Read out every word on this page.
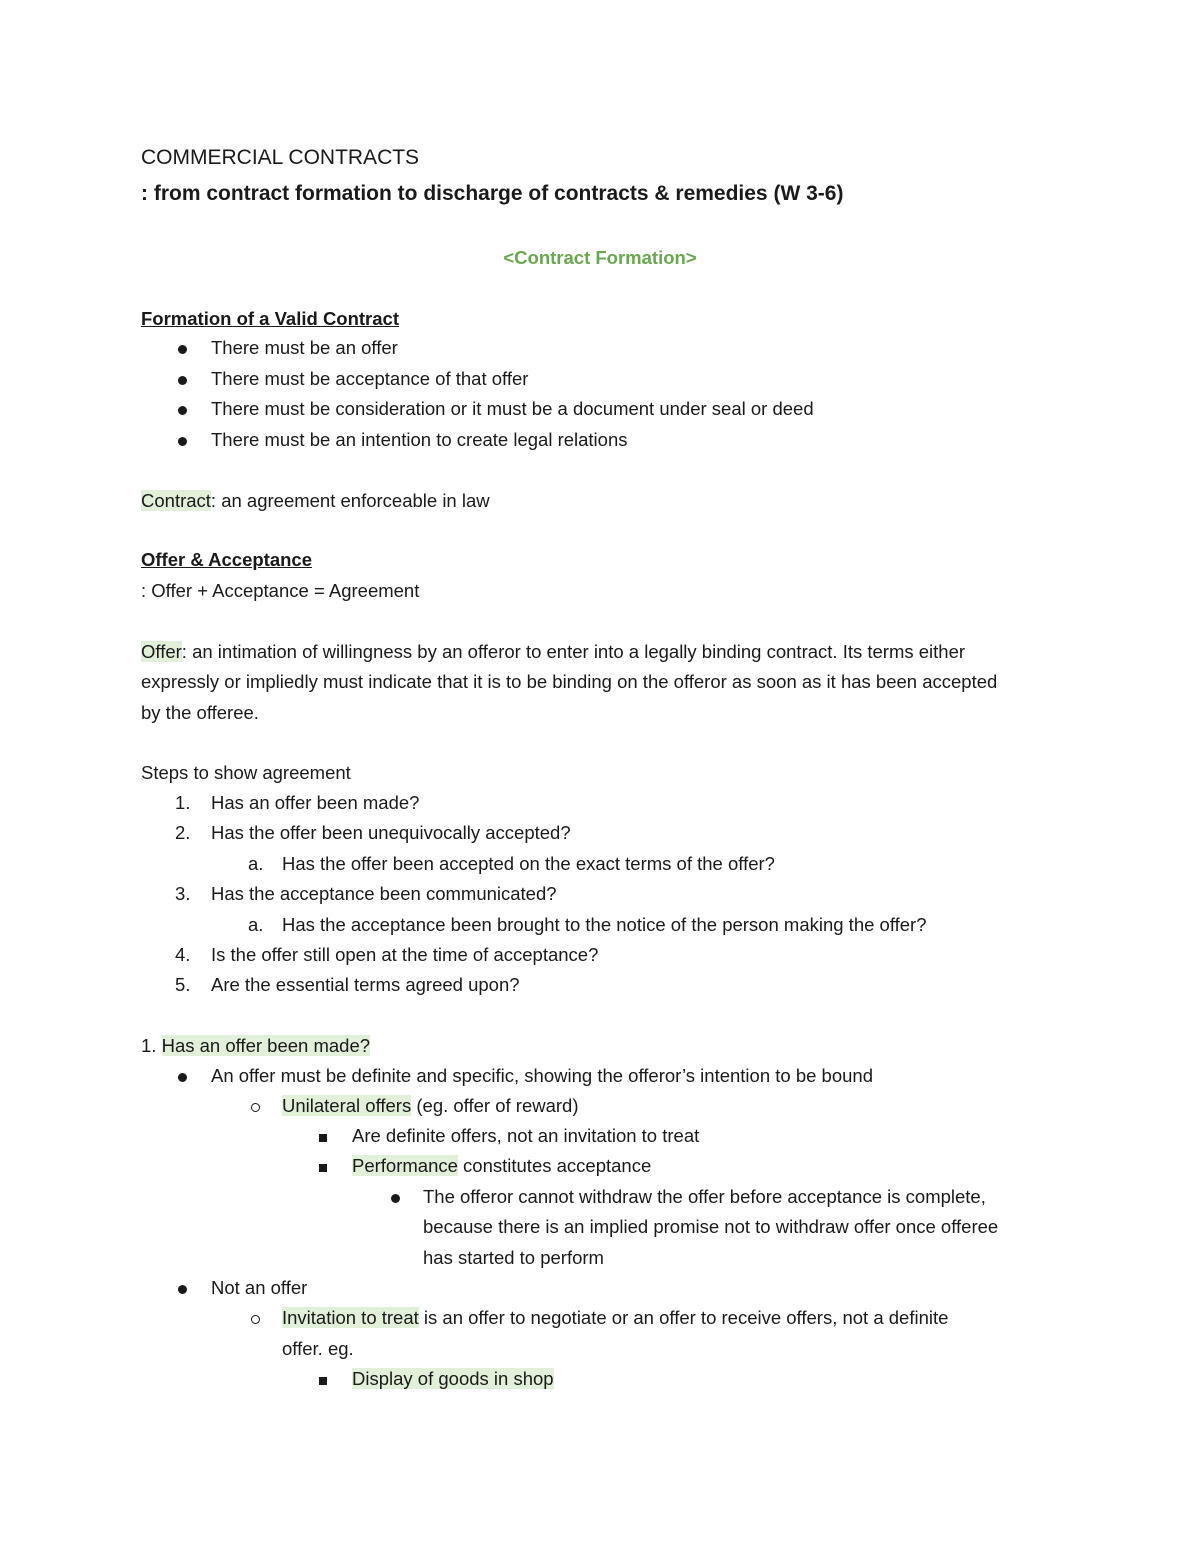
COMMERCIAL CONTRACTS
: from contract formation to discharge of contracts & remedies (W 3-6)
<Contract Formation>
Formation of a Valid Contract
There must be an offer
There must be acceptance of that offer
There must be consideration or it must be a document under seal or deed
There must be an intention to create legal relations
Contract: an agreement enforceable in law
Offer & Acceptance
: Offer + Acceptance = Agreement
Offer: an intimation of willingness by an offeror to enter into a legally binding contract. Its terms either
expressly or impliedly must indicate that it is to be binding on the offeror as soon as it has been accepted
by the offeree.
Steps to show agreement
1. Has an offer been made?
2. Has the offer been unequivocally accepted?
a. Has the offer been accepted on the exact terms of the offer?
3. Has the acceptance been communicated?
a. Has the acceptance been brought to the notice of the person making the offer?
4. Is the offer still open at the time of acceptance?
5. Are the essential terms agreed upon?
1. Has an offer been made?
An offer must be definite and specific, showing the offeror’s intention to be bound
Unilateral offers (eg. offer of reward)
Are definite offers, not an invitation to treat
Performance constitutes acceptance
The offeror cannot withdraw the offer before acceptance is complete,
because there is an implied promise not to withdraw offer once offeree
has started to perform
Not an offer
Invitation to treat is an offer to negotiate or an offer to receive offers, not a definite
offer. eg.
Display of goods in shop
